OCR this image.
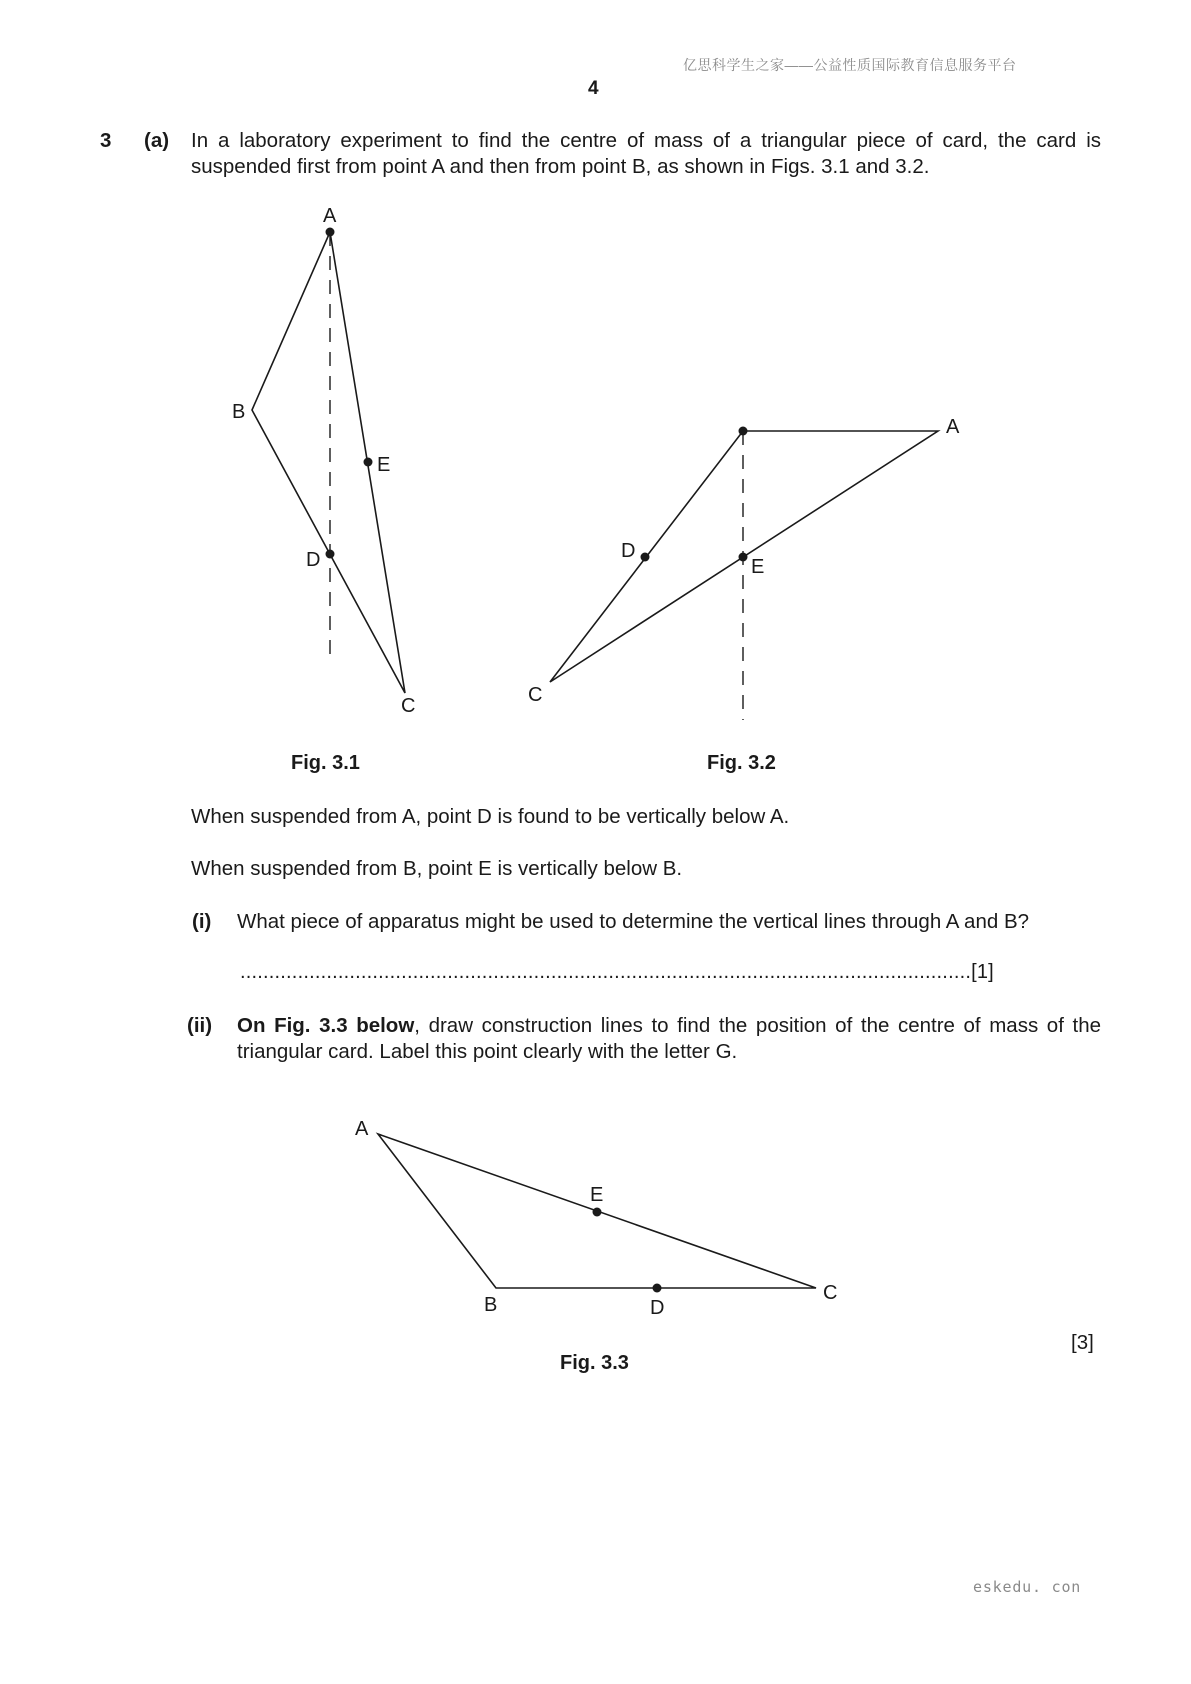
亿思科学生之家——公益性质国际教育信息服务平台
4
3 (a) In a laboratory experiment to find the centre of mass of a triangular piece of card, the card is suspended first from point A and then from point B, as shown in Figs. 3.1 and 3.2.
A
B
E
D
C
A
D
E
C
A
E
B	D
C
Fig. 3.1	Fig. 3.2
When suspended from A, point D is found to be vertically below A.
When suspended from B, point E is vertically below B.
(i) What piece of apparatus might be used to determine the vertical lines through A and B?
...............................................................................................................................[1]
(ii) On Fig. 3.3 below, draw construction lines to find the position of the centre of mass of the triangular card. Label this point clearly with the letter G.
[3]
Fig. 3.3
eskedu. con
